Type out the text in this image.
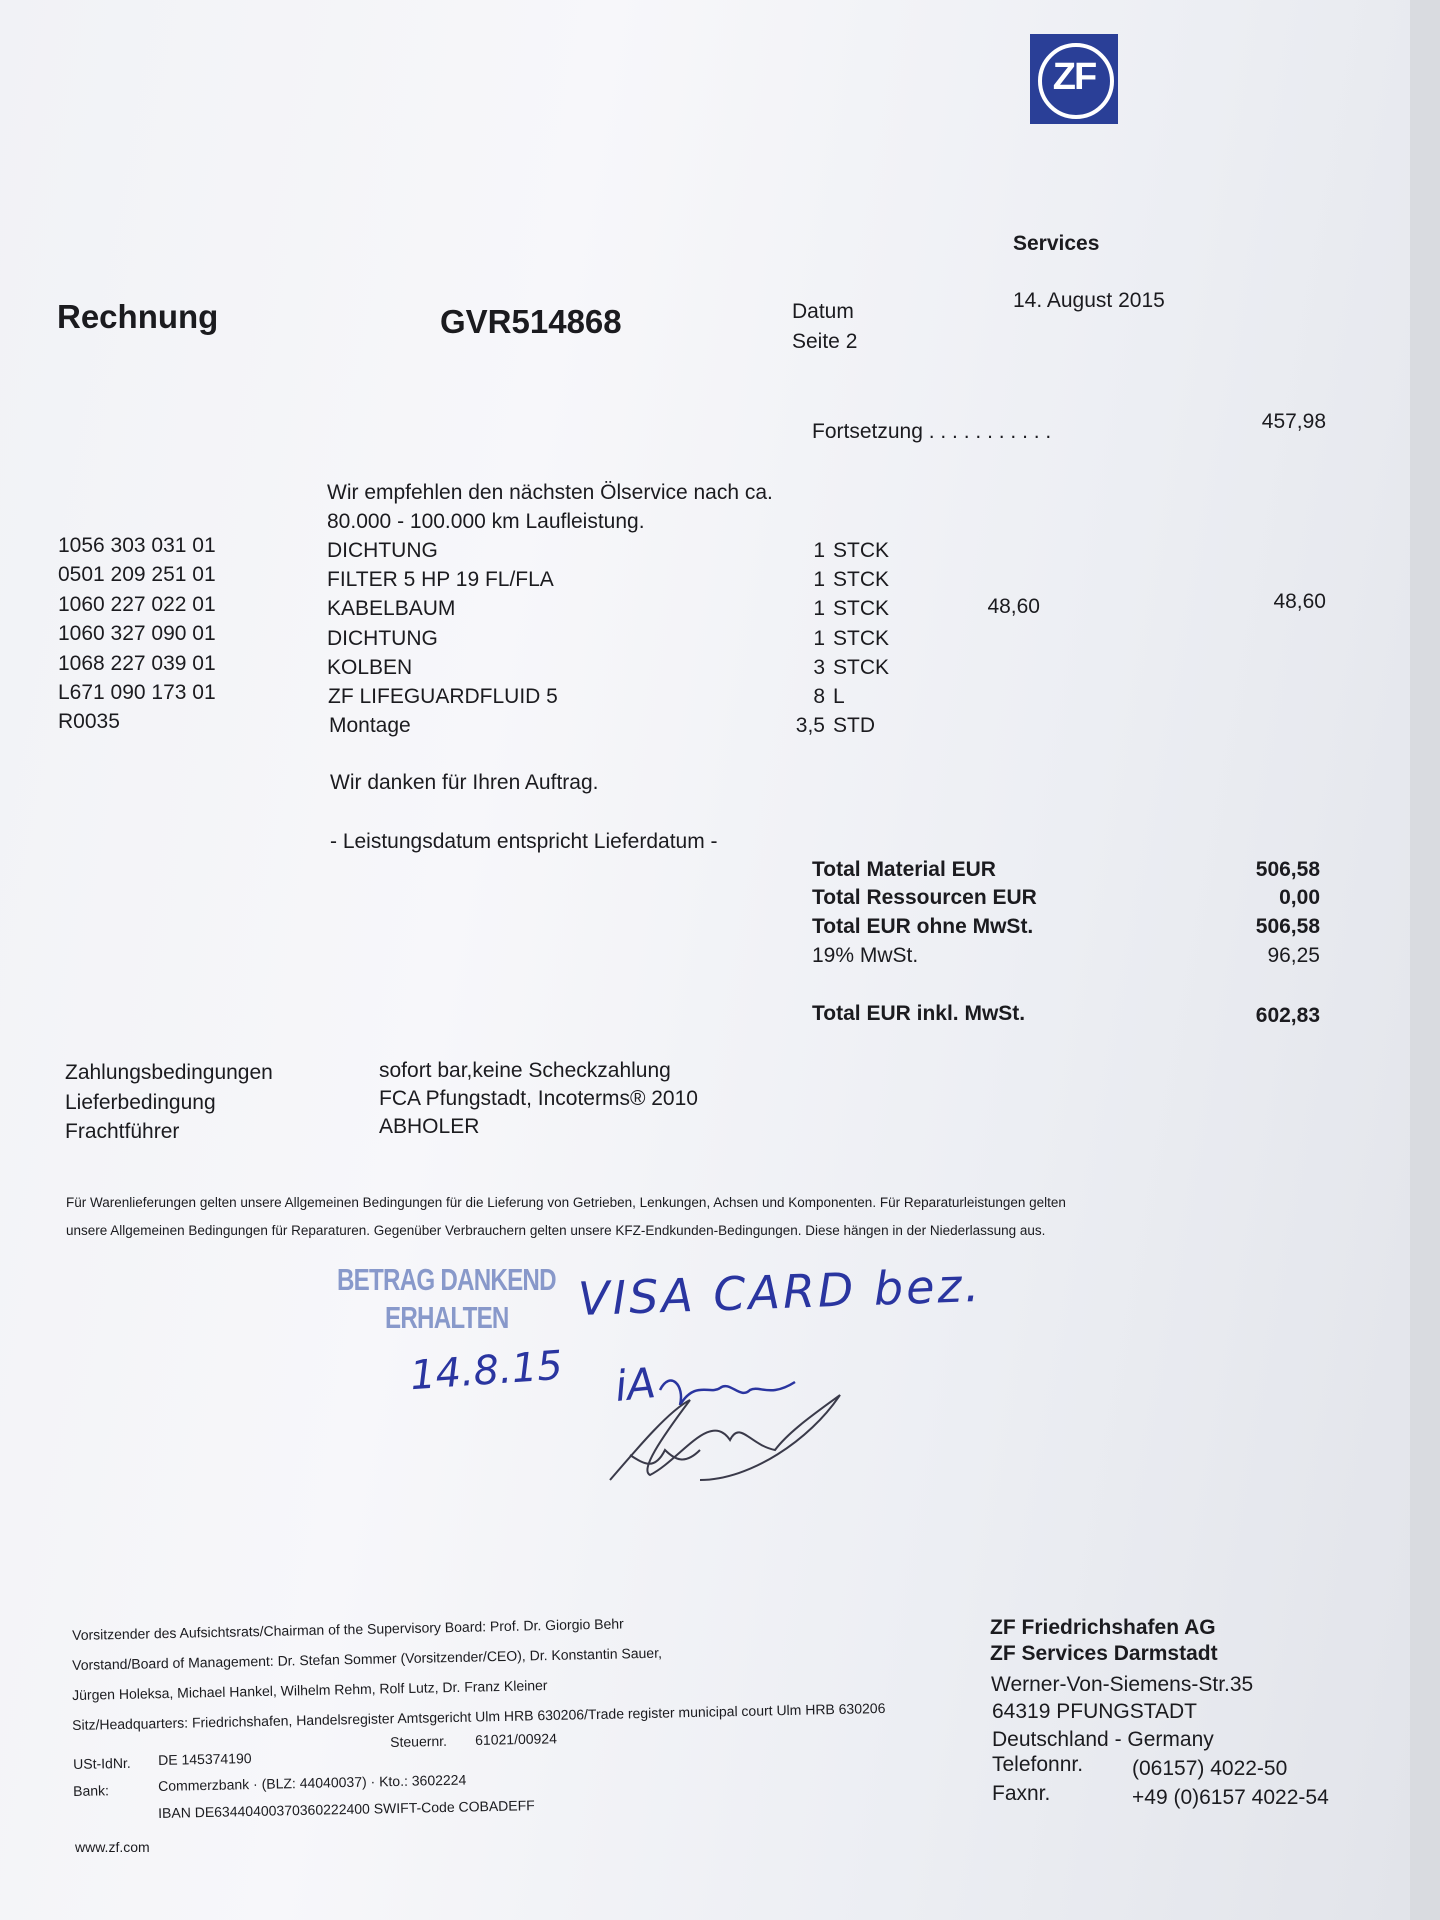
ZF
Services
Rechnung	GVR514868	Datum
Seite 2
14. August 2015
Fortsetzung . . . . . . . . . . .	457,98
Wir empfehlen den nächsten Ölservice nach ca.
80.000 - 100.000 km Laufleistung.
1056 303 031 01	DICHTUNG	1 STCK
0501 209 251 01	FILTER 5 HP 19 FL/FLA	1 STCK
1060 227 022 01	KABELBAUM	1 STCK	48,60	48,60
1060 327 090 01	DICHTUNG	1 STCK
1068 227 039 01	KOLBEN	3 STCK
L671 090 173 01	ZF LIFEGUARDFLUID 5	8 L
R0035	Montage	3,5 STD
Wir danken für Ihren Auftrag.
- Leistungsdatum entspricht Lieferdatum -
Total Material EUR	506,58
Total Ressourcen EUR	0,00
Total EUR ohne MwSt.	506,58
19% MwSt.	96,25
Total EUR inkl. MwSt.	602,83
Zahlungsbedingungen	sofort bar,keine Scheckzahlung
Lieferbedingung	FCA Pfungstadt, Incoterms® 2010
Frachtführer	ABHOLER
Für Warenlieferungen gelten unsere Allgemeinen Bedingungen für die Lieferung von Getrieben, Lenkungen, Achsen und Komponenten. Für Reparaturleistungen gelten
unsere Allgemeinen Bedingungen für Reparaturen. Gegenüber Verbrauchern gelten unsere KFZ-Endkunden-Bedingungen. Diese hängen in der Niederlassung aus.
BETRAG DANKEND
ERHALTEN
14.8.15
VISA CARD bez.
iA
Vorsitzender des Aufsichtsrats/Chairman of the Supervisory Board: Prof. Dr. Giorgio Behr
Vorstand/Board of Management: Dr. Stefan Sommer (Vorsitzender/CEO), Dr. Konstantin Sauer,
Jürgen Holeksa, Michael Hankel, Wilhelm Rehm, Rolf Lutz, Dr. Franz Kleiner
Sitz/Headquarters: Friedrichshafen, Handelsregister Amtsgericht Ulm HRB 630206/Trade register municipal court Ulm HRB 630206
Steuernr. 61021/00924
USt-IdNr. DE 145374190
Bank:	Commerzbank · (BLZ: 44040037) · Kto.: 3602224
IBAN DE63440400370360222400 SWIFT-Code COBADEFF
www.zf.com
ZF Friedrichshafen AG
ZF Services Darmstadt
Werner-Von-Siemens-Str.35
64319 PFUNGSTADT
Deutschland - Germany
Telefonnr. (06157) 4022-50
Faxnr.	+49 (0)6157 4022-54
